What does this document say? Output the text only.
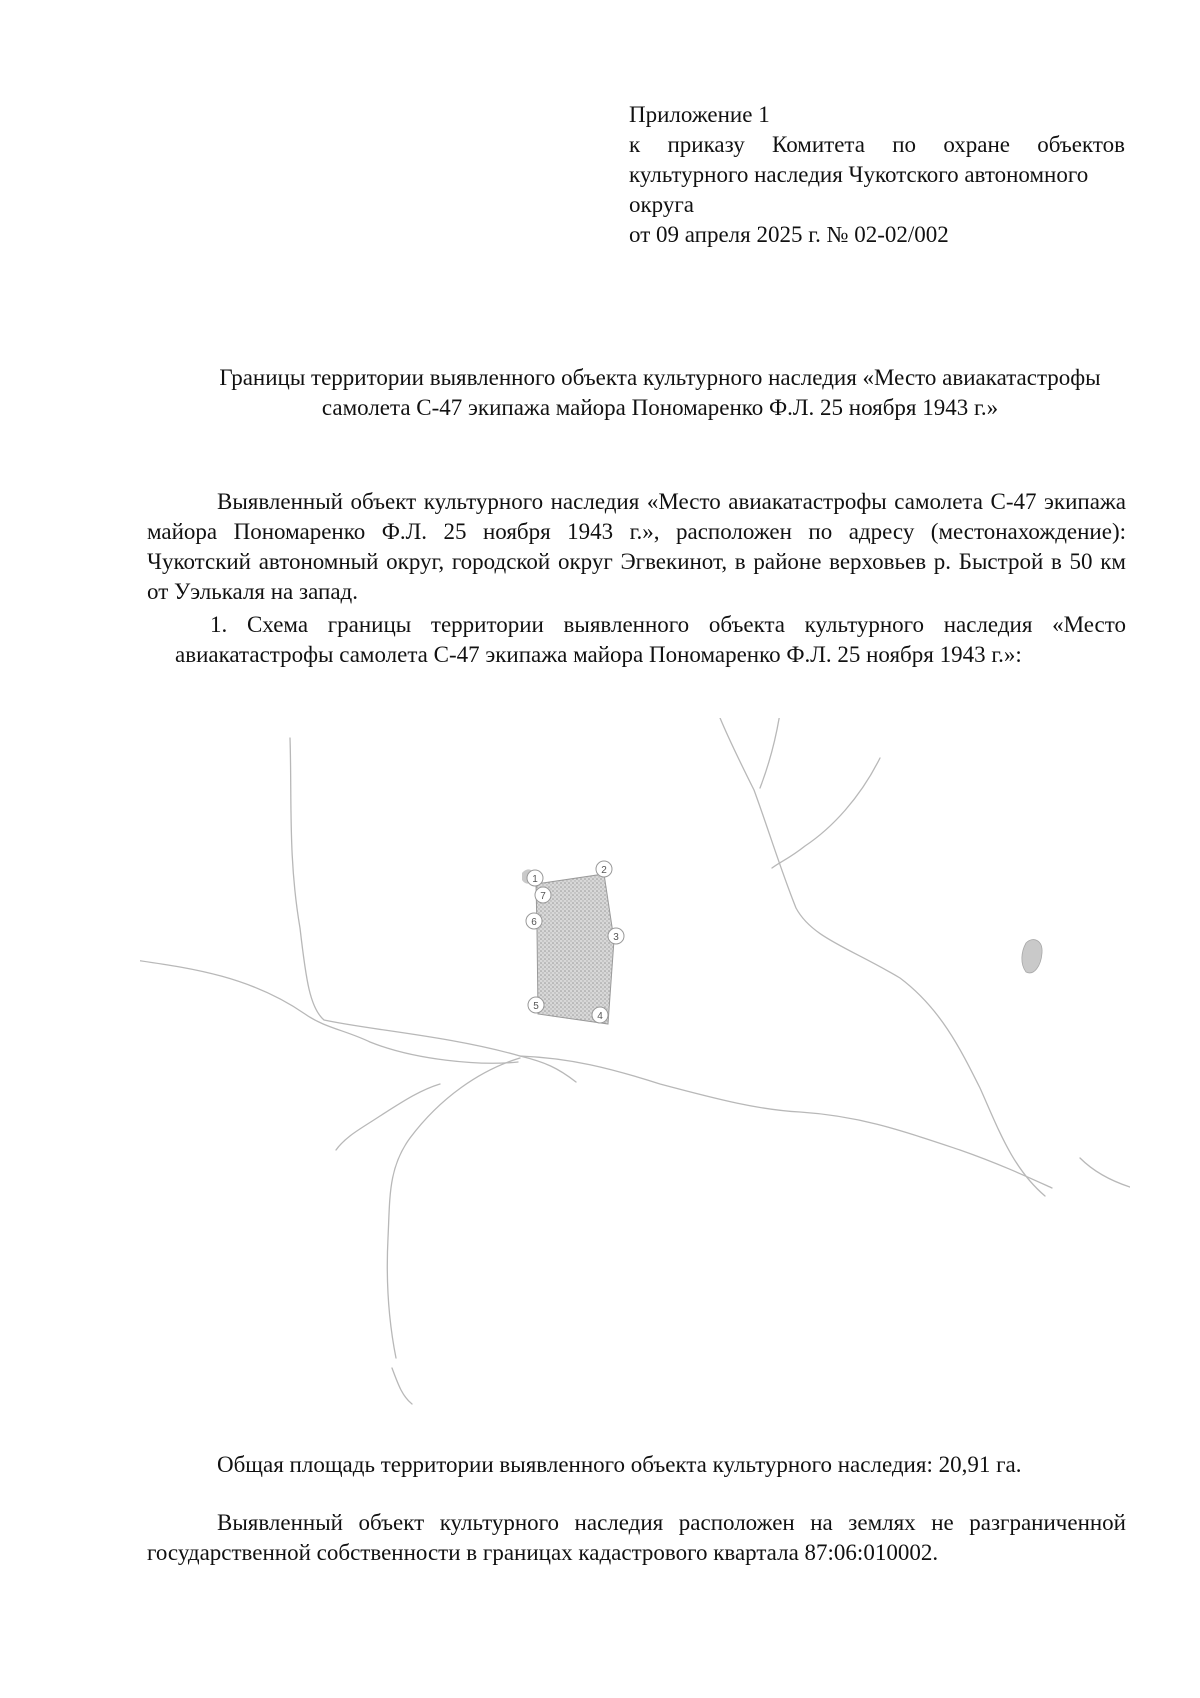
Приложение 1
к приказу Комитета по охране объектов
культурного наследия Чукотского автономного
округа
от 09 апреля 2025 г. № 02-02/002
Границы территории выявленного объекта культурного наследия «Место авиакатастрофы самолета С-47 экипажа майора Пономаренко Ф.Л. 25 ноября 1943 г.»

Выявленный объект культурного наследия «Место авиакатастрофы самолета С-47 экипажа майора Пономаренко Ф.Л. 25 ноября 1943 г.», расположен по адресу (местонахождение): Чукотский автономный округ, городской округ Эгвекинот, в районе верховьев р. Быстрой в 50 км от Уэлькаля на запад.

1. Схема границы территории выявленного объекта культурного наследия «Место авиакатастрофы самолета С-47 экипажа майора Пономаренко Ф.Л. 25 ноября 1943 г.»:

1
2
3
4
5
6
7

Общая площадь территории выявленного объекта культурного наследия: 20,91 га.

Выявленный объект культурного наследия расположен на землях не разграниченной государственной собственности в границах кадастрового квартала 87:06:010002.
